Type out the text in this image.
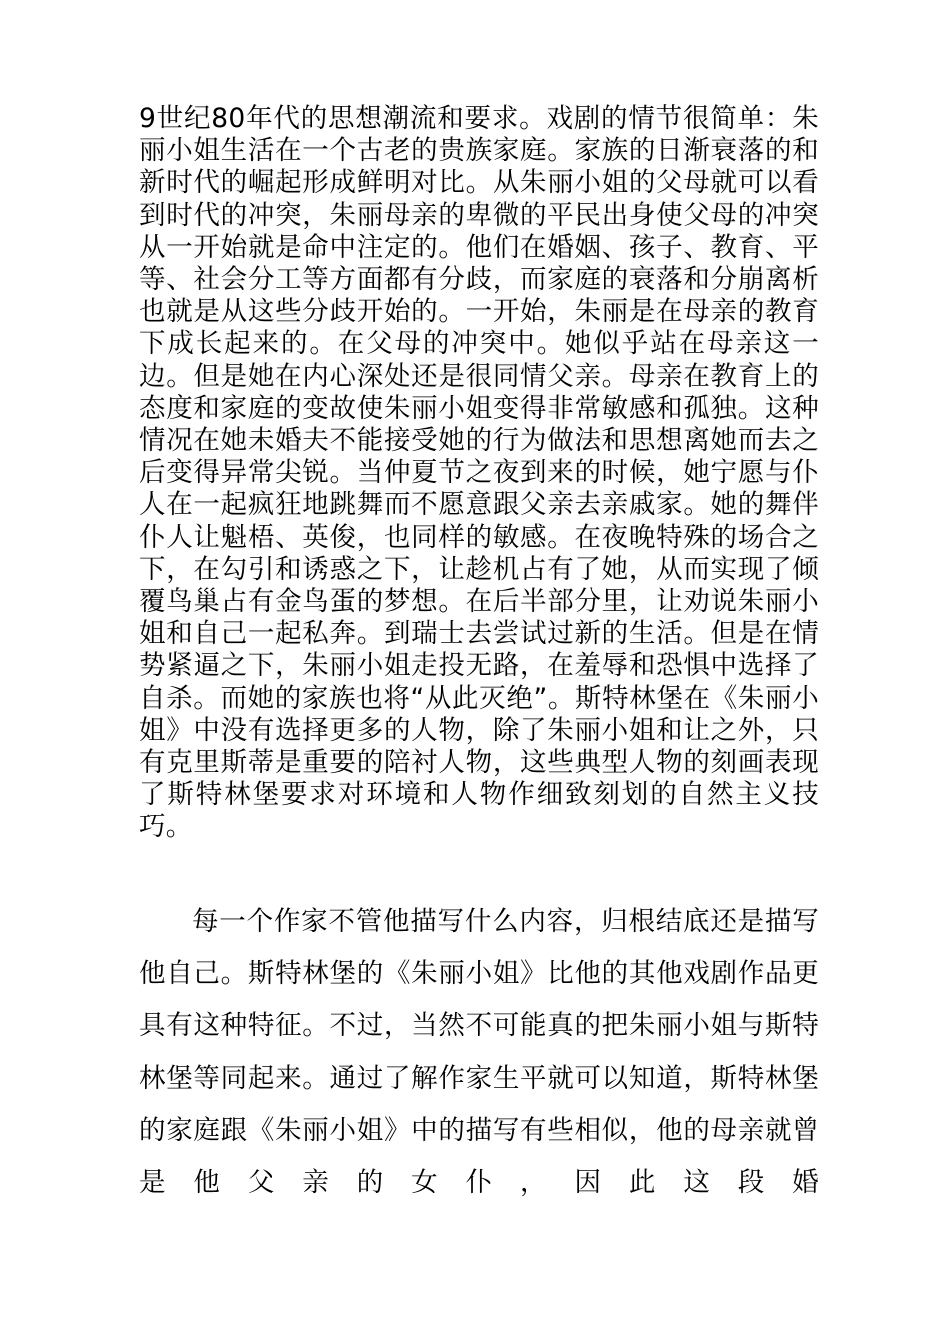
9世纪80年代的思想潮流和要求。戏剧的情节很简单：朱丽小姐生活在一个古老的贵族家庭。家族的日渐衰落的和新时代的崛起形成鲜明对比。从朱丽小姐的父母就可以看到时代的冲突，朱丽母亲的卑微的平民出身使父母的冲突从一开始就是命中注定的。他们在婚姻、孩子、教育、平等、社会分工等方面都有分歧，而家庭的衰落和分崩离析也就是从这些分歧开始的。一开始，朱丽是在母亲的教育下成长起来的。在父母的冲突中。她似乎站在母亲这一边。但是她在内心深处还是很同情父亲。母亲在教育上的态度和家庭的变故使朱丽小姐变得非常敏感和孤独。这种情况在她未婚夫不能接受她的行为做法和思想离她而去之后变得异常尖锐。当仲夏节之夜到来的时候，她宁愿与仆人在一起疯狂地跳舞而不愿意跟父亲去亲戚家。她的舞伴仆人让魁梧、英俊，也同样的敏感。在夜晚特殊的场合之下，在勾引和诱惑之下，让趁机占有了她，从而实现了倾覆鸟巢占有金鸟蛋的梦想。在后半部分里，让劝说朱丽小姐和自己一起私奔。到瑞士去尝试过新的生活。但是在情势紧逼之下，朱丽小姐走投无路，在羞辱和恐惧中选择了自杀。而她的家族也将“从此灭绝”。斯特林堡在《朱丽小姐》中没有选择更多的人物，除了朱丽小姐和让之外，只有克里斯蒂是重要的陪衬人物，这些典型人物的刻画表现了斯特林堡要求对环境和人物作细致刻划的自然主义技巧。

每一个作家不管他描写什么内容，归根结底还是描写他自己。斯特林堡的《朱丽小姐》比他的其他戏剧作品更具有这种特征。不过，当然不可能真的把朱丽小姐与斯特林堡等同起来。通过了解作家生平就可以知道，斯特林堡的家庭跟《朱丽小姐》中的描写有些相似，他的母亲就曾是他父亲的女仆，因此这段婚
